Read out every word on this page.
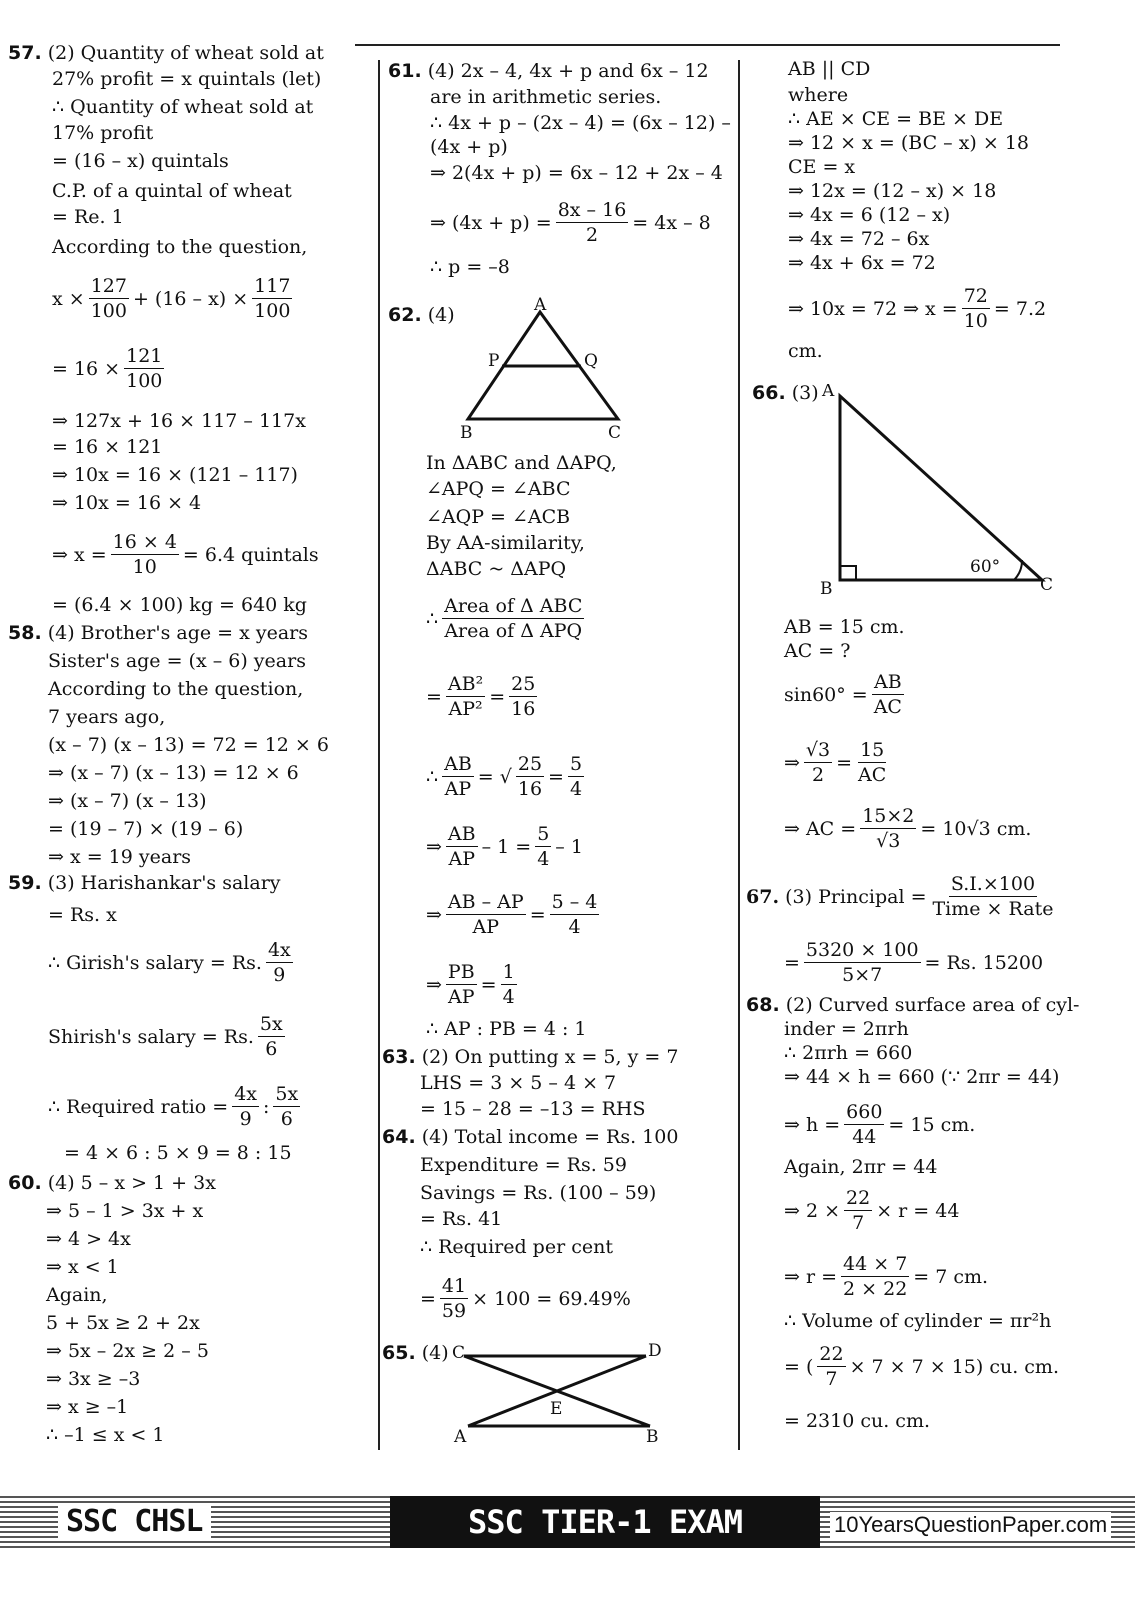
57. (2) Quantity of wheat sold at
27% profit = x quintals (let)
∴ Quantity of wheat sold at
17% profit
= (16 – x) quintals
C.P. of a quintal of wheat
= Re. 1
According to the question,
$x \times \frac{127}{100} + (16 - x) \times \frac{117}{100}$
= $16 \times \frac{121}{100}$
⇒ 127x + 16 × 117 – 117x
= 16 × 121
⇒ 10x = 16 × (121 – 117)
⇒ 10x = 16 × 4
⇒ $x = \frac{16 \times 4}{10} = 6.4$ quintals
= (6.4 × 100) kg = 640 kg
58. (4) Brother's age = x years
Sister's age = (x – 6) years
According to the question,
7 years ago,
(x – 7) (x – 13) = 72 = 12 × 6
⇒ (x – 7) (x – 13) = 12 × 6
⇒ (x – 7) (x – 13)
= (19 – 7) × (19 – 6)
⇒ x = 19 years
59. (3) Harishankar's salary
= Rs. x
∴ Girish's salary = Rs. $\frac{4x}{9}$
Shirish's salary = Rs. $\frac{5x}{6}$
∴ Required ratio = $\frac{4x}{9}$ : $\frac{5x}{6}$
= 4 × 6 : 5 × 9 = 8 : 15
60. (4) 5 – x > 1 + 3x
⇒ 5 – 1 > 3x + x
⇒ 4 > 4x
⇒ x < 1
Again,
5 + 5x ≥ 2 + 2x
⇒ 5x – 2x ≥ 2 – 5
⇒ 3x ≥ –3
⇒ x ≥ –1
∴ –1 ≤ x < 1
61. (4) 2x – 4, 4x + p and 6x – 12
are in arithmetic series.
∴ 4x + p – (2x – 4) = (6x – 12) –
(4x + p)
⇒ 2(4x + p) = 6x – 12 + 2x – 4
⇒ $(4x + p) = \frac{8x - 16}{2} = 4x - 8$
∴ p = –8
62. (4)	A
P	Q
B	C
In ΔABC and ΔAPQ,
∠APQ = ∠ABC
∠AQP = ∠ACB
By AA-similarity,
ΔABC ~ ΔAPQ
∴ $\frac{\text{Area of Δ ABC}}{\text{Area of Δ APQ}}$
= $\frac{\text{AB²}}{\text{AP²}} = \frac{25}{16}$
∴ $\frac{AB}{AP}$ = √ $\frac{25}{16} = \frac{5}{4}$
⇒ $\frac{AB}{AP} - 1 = \frac{5}{4} - 1$
⇒ $\frac{AB - AP}{AP} = \frac{5 - 4}{4}$
⇒ $\frac{PB}{AP} = \frac{1}{4}$
∴ AP : PB = 4 : 1
63. (2) On putting x = 5, y = 7
LHS = 3 × 5 – 4 × 7
= 15 – 28 = –13 = RHS
64. (4) Total income = Rs. 100
Expenditure = Rs. 59
Savings = Rs. (100 – 59)
= Rs. 41
∴ Required per cent
= $\frac{41}{59} \times 100 = 69.49\%$
65. (4) C	D
E
A	B
AB || CD
where
∴ AE × CE = BE × DE
⇒ 12 × x = (BC – x) × 18
CE = x
⇒ 12x = (12 – x) × 18
⇒ 4x = 6 (12 – x)
⇒ 4x = 72 – 6x
⇒ 4x + 6x = 72
⇒ 10x = 72 ⇒ $x = \frac{72}{10} = 7.2$
cm.
66. (3) A
B	C
60°
AB = 15 cm.
AC = ?
$\sin 60^\circ = \frac{AB}{AC}$
⇒ $\frac{√3}{2} = \frac{15}{AC}$
⇒ AC = $\frac{15\times 2}{√3} = 10√3$ cm.
67.
(3) Principal = $\frac{S.I.\times 100}{\text{Time × Rate}}$
= $\frac{5320 \times 100}{5\times 7} = Rs$. 15200
68. (2) Curved surface area of cyl-
inder = 2πrh
∴ 2πrh = 660
⇒ 44 × h = 660 (∵ 2πr = 44)
⇒ $h = \frac{660}{44} = 15$ cm.
Again, 2πr = 44
⇒ $2 \times \frac{22}{7} \times r = 44$
⇒ $r = \frac{44 \times 7}{2 \times 22} = 7$ cm.
∴ Volume of cylinder = πr²h
= ( $\frac{22}{7} \times 7 \times 7 \times 15$) cu. cm.
= 2310 cu. cm.
SSC CHSL	SSC TIER-1 EXAM	10YearsQuestionPaper.com
